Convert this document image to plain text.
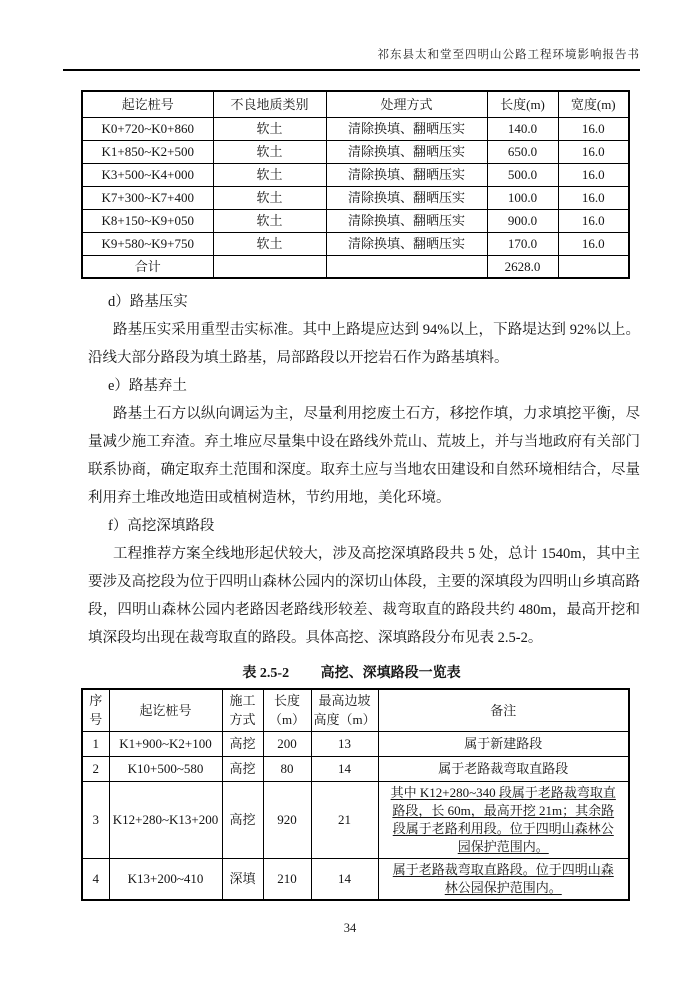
祁东县太和堂至四明山公路工程环境影响报告书
起讫桩号	不良地质类别	处理方式	长度(m)	宽度(m)
K0+720~K0+860	软土	清除换填、翻晒压实	140.0	16.0
K1+850~K2+500	软土	清除换填、翻晒压实	650.0	16.0
K3+500~K4+000	软土	清除换填、翻晒压实	500.0	16.0
K7+300~K7+400	软土	清除换填、翻晒压实	100.0	16.0
K8+150~K9+050	软土	清除换填、翻晒压实	900.0	16.0
K9+580~K9+750	软土	清除换填、翻晒压实	170.0	16.0
合计			2628.0	
d）路基压实

路基压实采用重型击实标准。其中上路堤应达到 94%以上，下路堤达到 92%以上。沿线大部分路段为填土路基，局部路段以开挖岩石作为路基填料。

e）路基弃土

路基土石方以纵向调运为主，尽量利用挖废土石方，移挖作填，力求填挖平衡，尽量减少施工弃渣。弃土堆应尽量集中设在路线外荒山、荒坡上，并与当地政府有关部门联系协商，确定取弃土范围和深度。取弃土应与当地农田建设和自然环境相结合，尽量利用弃土堆改地造田或植树造林，节约用地，美化环境。

f）高挖深填路段

工程推荐方案全线地形起伏较大，涉及高挖深填路段共 5 处，总计 1540m，其中主要涉及高挖段为位于四明山森林公园内的深切山体段，主要的深填段为四明山乡填高路段，四明山森林公园内老路因老路线形较差、裁弯取直的路段共约 480m，最高开挖和填深段均出现在裁弯取直的路段。具体高挖、深填路段分布见表 2.5-2。

表 2.5-2 高挖、深填路段一览表
序号	起讫桩号	施工方式	长度（m）	最高边坡高度（m）	备注
1	K1+900~K2+100	高挖	200	13	属于新建路段
2	K10+500~580	高挖	80	14	属于老路裁弯取直路段
3	K12+280~K13+200	高挖	920	21	其中 K12+280~340 段属于老路裁弯取直路段，长 60m，最高开挖 21m；其余路段属于老路利用段。位于四明山森林公园保护范围内。
4	K13+200~410	深填	210	14	属于老路裁弯取直路段。位于四明山森林公园保护范围内。
34
